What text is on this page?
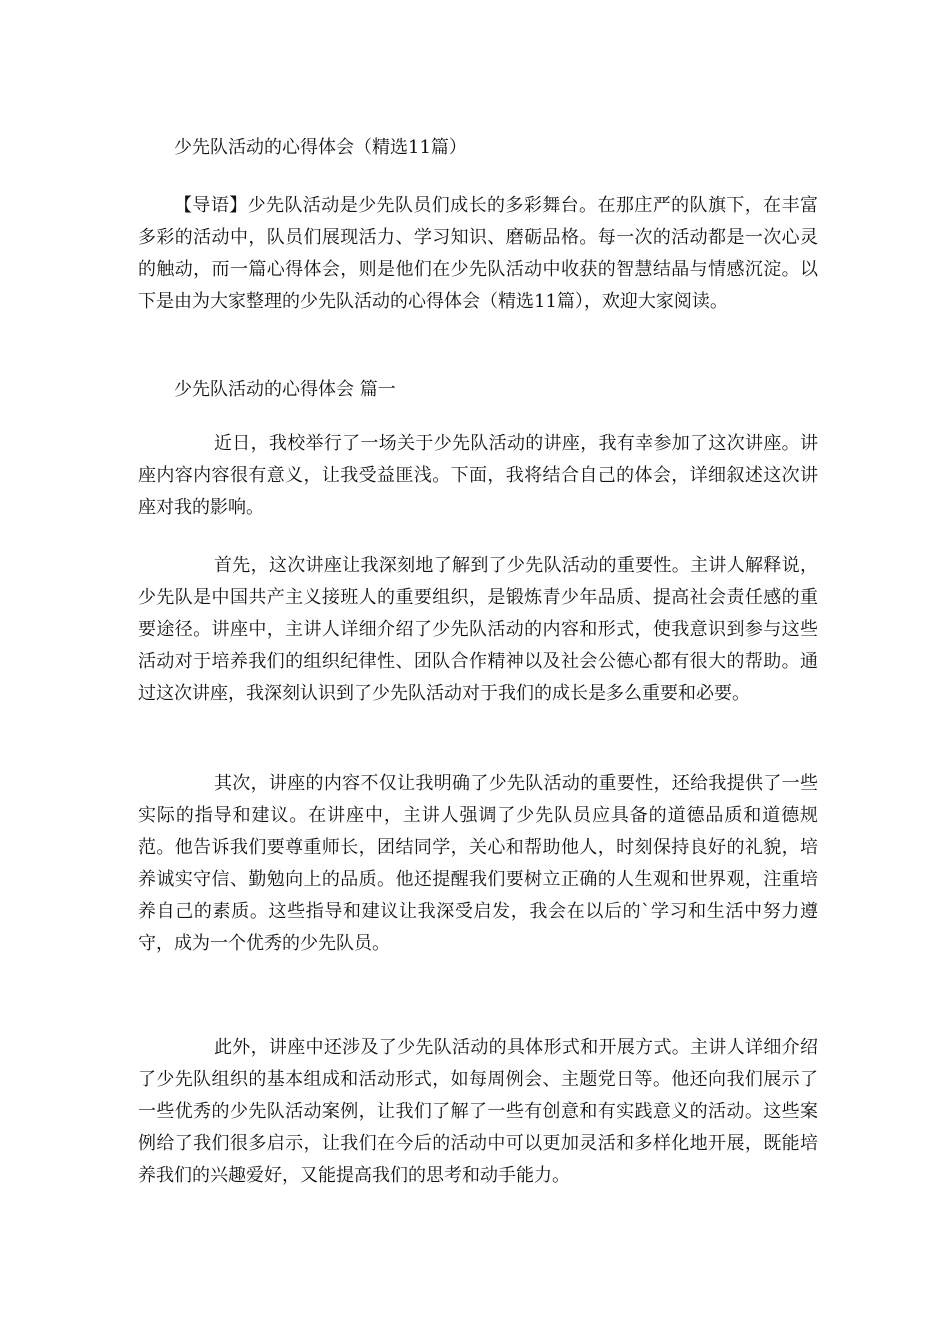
少先队活动的心得体会（精选11篇）

【导语】少先队活动是少先队员们成长的多彩舞台。在那庄严的队旗下，在丰富多彩的活动中，队员们展现活力、学习知识、磨砺品格。每一次的活动都是一次心灵的触动，而一篇心得体会，则是他们在少先队活动中收获的智慧结晶与情感沉淀。以下是由为大家整理的少先队活动的心得体会（精选11篇），欢迎大家阅读。

少先队活动的心得体会 篇一

近日，我校举行了一场关于少先队活动的讲座，我有幸参加了这次讲座。讲座内容内容很有意义，让我受益匪浅。下面，我将结合自己的体会，详细叙述这次讲座对我的影响。

首先，这次讲座让我深刻地了解到了少先队活动的重要性。主讲人解释说，少先队是中国共产主义接班人的重要组织，是锻炼青少年品质、提高社会责任感的重要途径。讲座中，主讲人详细介绍了少先队活动的内容和形式，使我意识到参与这些活动对于培养我们的组织纪律性、团队合作精神以及社会公德心都有很大的帮助。通过这次讲座，我深刻认识到了少先队活动对于我们的成长是多么重要和必要。

其次，讲座的内容不仅让我明确了少先队活动的重要性，还给我提供了一些实际的指导和建议。在讲座中，主讲人强调了少先队员应具备的道德品质和道德规范。他告诉我们要尊重师长，团结同学，关心和帮助他人，时刻保持良好的礼貌，培养诚实守信、勤勉向上的品质。他还提醒我们要树立正确的人生观和世界观，注重培养自己的素质。这些指导和建议让我深受启发，我会在以后的`学习和生活中努力遵守，成为一个优秀的少先队员。

此外，讲座中还涉及了少先队活动的具体形式和开展方式。主讲人详细介绍了少先队组织的基本组成和活动形式，如每周例会、主题党日等。他还向我们展示了一些优秀的少先队活动案例，让我们了解了一些有创意和有实践意义的活动。这些案例给了我们很多启示，让我们在今后的活动中可以更加灵活和多样化地开展，既能培养我们的兴趣爱好，又能提高我们的思考和动手能力。
